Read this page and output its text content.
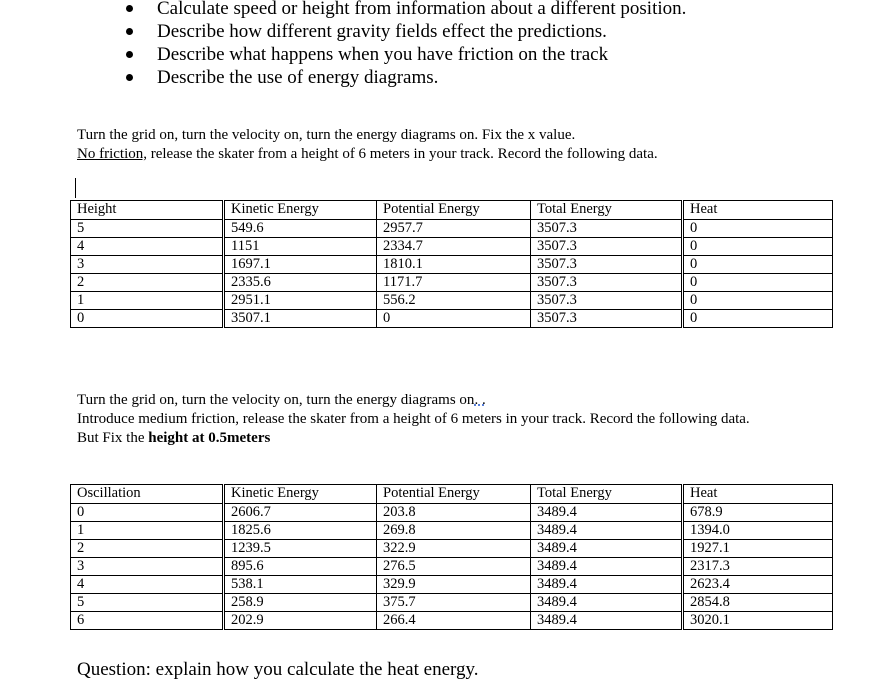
Calculate speed or height from information about a different position.
Describe how different gravity fields effect the predictions.
Describe what happens when you have friction on the track
Describe the use of energy diagrams.
Turn the grid on, turn the velocity on, turn the energy diagrams on. Fix the x value.
No friction, release the skater from a height of 6 meters in your track. Record the following data.
Height	Kinetic Energy	Potential Energy	Total Energy	Heat
5	549.6	2957.7	3507.3	0
4	1151	2334.7	3507.3	0
3	1697.1	1810.1	3507.3	0
2	2335.6	1171.7	3507.3	0
1	2951.1	556.2	3507.3	0
0	3507.1	0	3507.3	0
Turn the grid on, turn the velocity on, turn the energy diagrams on. .
Introduce medium friction, release the skater from a height of 6 meters in your track. Record the following data.
But Fix the height at 0.5meters
Oscillation	Kinetic Energy	Potential Energy	Total Energy	Heat
0	2606.7	203.8	3489.4	678.9
1	1825.6	269.8	3489.4	1394.0
2	1239.5	322.9	3489.4	1927.1
3	895.6	276.5	3489.4	2317.3
4	538.1	329.9	3489.4	2623.4
5	258.9	375.7	3489.4	2854.8
6	202.9	266.4	3489.4	3020.1
Question: explain how you calculate the heat energy.
